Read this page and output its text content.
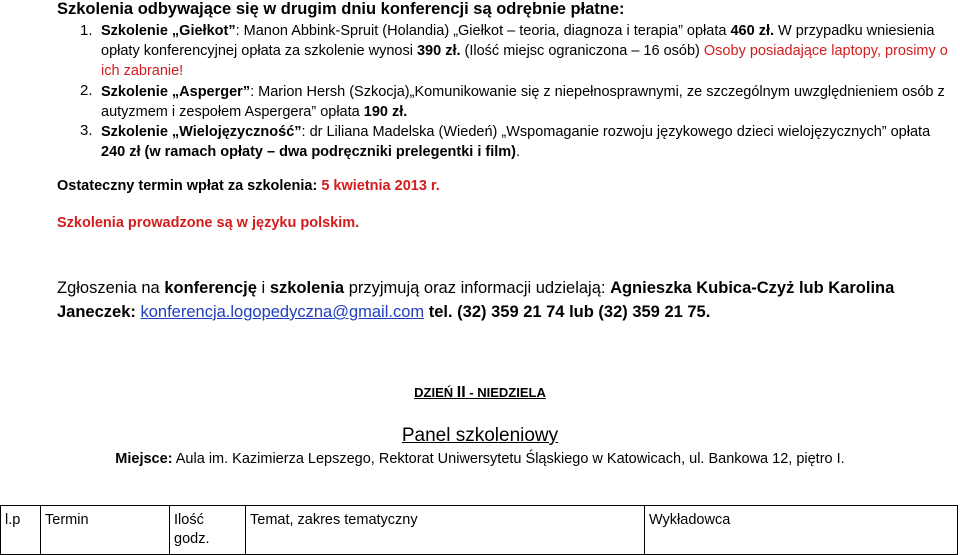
Szkolenia odbywające się w drugim dniu konferencji są odrębnie płatne:
1. Szkolenie „Giełkot”: Manon Abbink-Spruit (Holandia) „Giełkot – teoria, diagnoza i terapia” opłata 460 zł. W przypadku wniesienia opłaty konferencyjnej opłata za szkolenie wynosi 390 zł. (Ilość miejsc ograniczona – 16 osób) Osoby posiadające laptopy, prosimy o ich zabranie!
2. Szkolenie „Asperger”: Marion Hersh (Szkocja)„Komunikowanie się z niepełnosprawnymi, ze szczególnym uwzględnieniem osób z autyzmem i zespołem Aspergera” opłata 190 zł.
3. Szkolenie „Wielojęzyczność”: dr Liliana Madelska (Wiedeń) „Wspomaganie rozwoju językowego dzieci wielojęzycznych” opłata 240 zł (w ramach opłaty – dwa podręczniki prelegentki i film).
Ostateczny termin wpłat za szkolenia: 5 kwietnia 2013 r.
Szkolenia prowadzone są w języku polskim.
Zgłoszenia na konferencję i szkolenia przyjmują oraz informacji udzielają: Agnieszka Kubica-Czyż lub Karolina Janeczek: konferencja.logopedyczna@gmail.com tel. (32) 359 21 74 lub (32) 359 21 75.
DZIEŃ II - NIEDZIELA
Panel szkoleniowy
Miejsce: Aula im. Kazimierza Lepszego, Rektorat Uniwersytetu Śląskiego w Katowicach, ul. Bankowa 12, piętro I.
l.p	Termin	Ilość godz.	Temat, zakres tematyczny	Wykładowca
